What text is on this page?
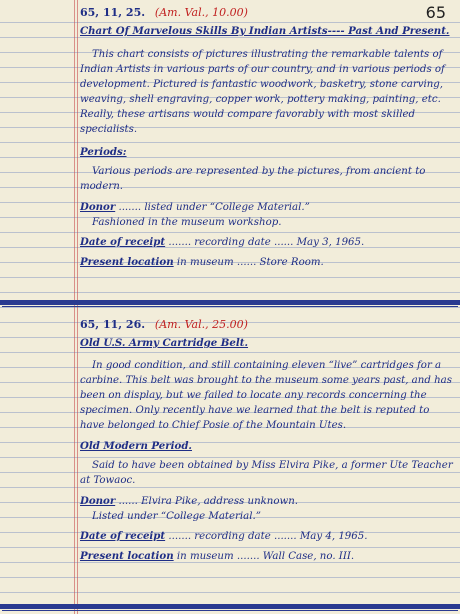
65
65, 11, 25. (Am. Val., 10.00)
Chart Of Marvelous Skills By Indian Artists---- Past And Present.
This chart consists of pictures illustrating the remarkable talents of Indian Artists in various parts of our country, and in various periods of development. Pictured is fantastic woodwork, basketry, stone carving, weaving, shell engraving, copper work, pottery making, painting, etc. Really, these artisans would compare favorably with most skilled specialists.
Periods:
Various periods are represented by the pictures, from ancient to modern.
Donor ....... listed under “College Material.”
Fashioned in the museum workshop.
Date of receipt ....... recording date ...... May 3, 1965.
Present location in museum ...... Store Room.
65, 11, 26. (Am. Val., 25.00)
Old U.S. Army Cartridge Belt.
In good condition, and still containing eleven “live” cartridges for a carbine. This belt was brought to the museum some years past, and has been on display, but we failed to locate any records concerning the specimen. Only recently have we learned that the belt is reputed to have belonged to Chief Posie of the Mountain Utes.
Old Modern Period.
Said to have been obtained by Miss Elvira Pike, a former Ute Teacher at Towaoc.
Donor ...... Elvira Pike, address unknown.
Listed under “College Material.”
Date of receipt ....... recording date ....... May 4, 1965.
Present location in museum ....... Wall Case, no. III.
